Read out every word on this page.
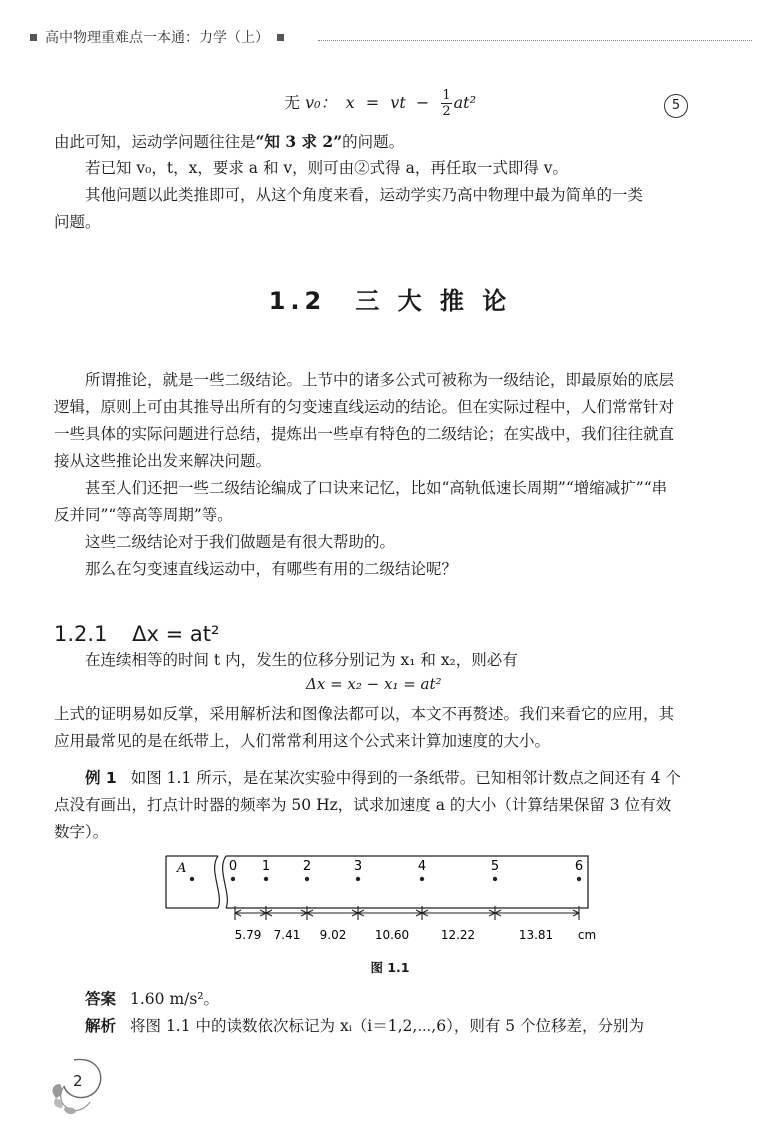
高中物理重难点一本通：力学（上）
无 v₀： x = vt − $\frac{1}{2} at^2$	5
由此可知，运动学问题往往是“知 3 求 2”的问题。
若已知 v₀，t，x，要求 a 和 v，则可由②式得 a，再任取一式即得 v。
其他问题以此类推即可，从这个角度来看，运动学实乃高中物理中最为简单的一类
问题。
1.2　三 大 推 论
所谓推论，就是一些二级结论。上节中的诸多公式可被称为一级结论，即最原始的底层
逻辑，原则上可由其推导出所有的匀变速直线运动的结论。但在实际过程中，人们常常针对
一些具体的实际问题进行总结，提炼出一些卓有特色的二级结论；在实战中，我们往往就直
接从这些推论出发来解决问题。
甚至人们还把一些二级结论编成了口诀来记忆，比如“高轨低速长周期”“增缩减扩”“串
反并同”“等高等周期”等。
这些二级结论对于我们做题是有很大帮助的。
那么在匀变速直线运动中，有哪些有用的二级结论呢？
1.2.1 Δx = at²
在连续相等的时间 t 内，发生的位移分别记为 x₁ 和 x₂，则必有
Δx = x₂ − x₁ = at²
上式的证明易如反掌，采用解析法和图像法都可以，本文不再赘述。我们来看它的应用，其
应用最常见的是在纸带上，人们常常利用这个公式来计算加速度的大小。
例 1 如图 1.1 所示，是在某次实验中得到的一条纸带。已知相邻计数点之间还有 4 个
点没有画出，打点计时器的频率为 50 Hz，试求加速度 a 的大小（计算结果保留 3 位有效
数字）。
A	0 1	2	3	4	5	6
5.79 7.41 9.02 10.60	12.22	13.81 cm
图 1.1
答案 1.60 m/s²。
解析 将图 1.1 中的读数依次标记为 xᵢ（i＝1,2,⋯,6），则有 5 个位移差，分别为
2
